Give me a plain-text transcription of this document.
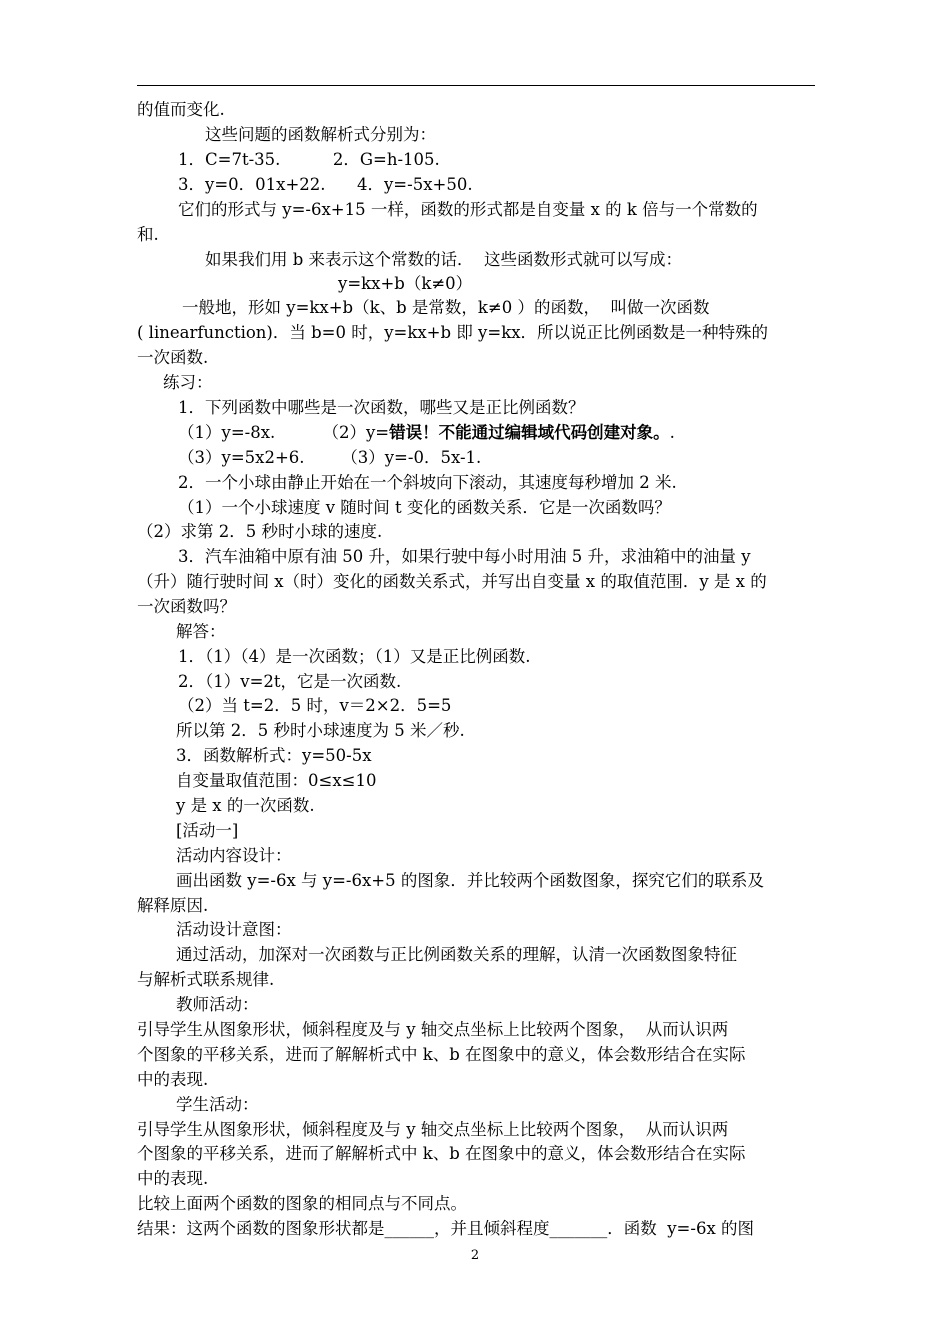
的值而变化.
这些问题的函数解析式分别为：
1．C=7t-35.          2．G=h-105.
3．y=0．01x+22.      4．y=-5x+50.
它们的形式与 y=-6x+15 一样，函数的形式都是自变量 x 的 k 倍与一个常数的
和.
如果我们用 b 来表示这个常数的话．  这些函数形式就可以写成：
y=kx+b（k≠0）
一般地，形如 y=kx+b（k、b 是常数，k≠0 ）的函数，  叫做一次函数
( linearfunction)．当 b=0 时，y=kx+b 即 y=kx．所以说正比例函数是一种特殊的
一次函数.
练习：
1．下列函数中哪些是一次函数，哪些又是正比例函数？
（1）y=-8x.         （2）y=错误！不能通过编辑域代码创建对象。.
（3）y=5x2+6.       （3）y=-0．5x-1.
2．一个小球由静止开始在一个斜坡向下滚动，其速度每秒增加 2 米.
（1）一个小球速度 v 随时间 t 变化的函数关系．它是一次函数吗？
（2）求第 2．5 秒时小球的速度.
3．汽车油箱中原有油 50 升，如果行驶中每小时用油 5 升，求油箱中的油量 y
（升）随行驶时间 x（时）变化的函数关系式，并写出自变量 x 的取值范围．y 是 x 的
一次函数吗？
解答：
1．（1）（4）是一次函数；（1）又是正比例函数.
2．（1）v=2t，它是一次函数.
（2）当 t=2．5 时，v＝2×2．5=5
所以第 2．5 秒时小球速度为 5 米／秒.
3．函数解析式：y=50-5x
自变量取值范围：0≤x≤10
y 是 x 的一次函数.
[活动一]
活动内容设计：
画出函数 y=-6x 与 y=-6x+5 的图象．并比较两个函数图象，探究它们的联系及
解释原因.
活动设计意图：
通过活动，加深对一次函数与正比例函数关系的理解，认清一次函数图象特征
与解析式联系规律.
教师活动：
引导学生从图象形状，倾斜程度及与 y 轴交点坐标上比较两个图象，  从而认识两
个图象的平移关系，进而了解解析式中 k、b 在图象中的意义，体会数形结合在实际
中的表现.
学生活动：
引导学生从图象形状，倾斜程度及与 y 轴交点坐标上比较两个图象，  从而认识两
个图象的平移关系，进而了解解析式中 k、b 在图象中的意义，体会数形结合在实际
中的表现.
比较上面两个函数的图象的相同点与不同点。
结果：这两个函数的图象形状都是______，并且倾斜程度_______．函数  y=-6x 的图
2
